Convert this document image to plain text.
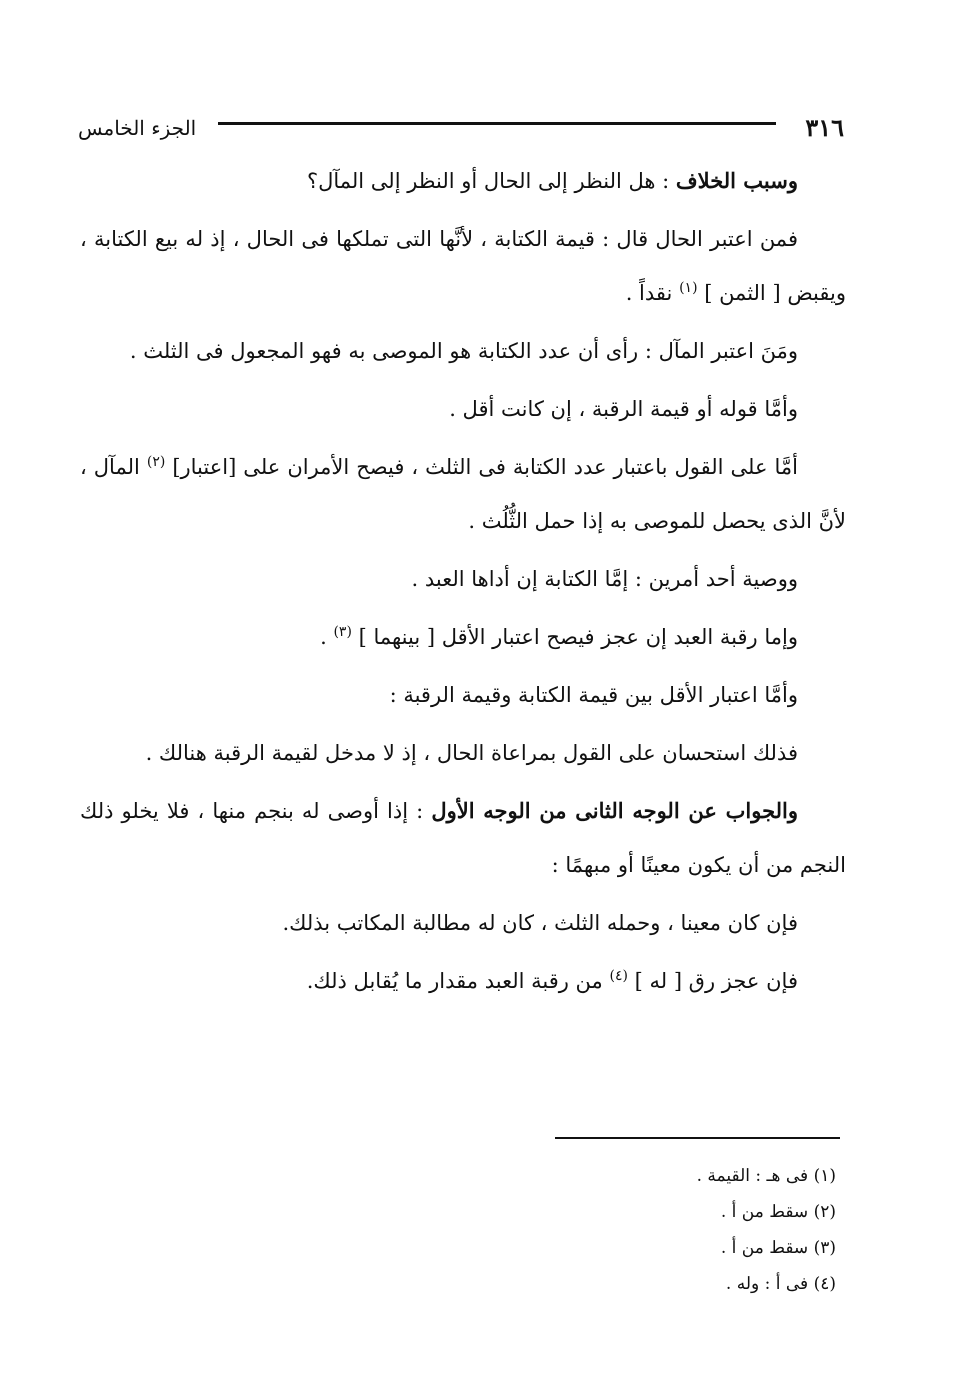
٣١٦
الجزء الخامس

وسبب الخلاف : هل النظر إلى الحال أو النظر إلى المآل؟

فمن اعتبر الحال قال : قيمة الكتابة ، لأنَّها التى تملكها فى الحال ، إذ له بيع الكتابة ، ويقبض [ الثمن ] $^{(١)}$ نقداً .

ومَنَ اعتبر المآل : رأى أن عدد الكتابة هو الموصى به فهو المجعول فى الثلث .

وأمَّا قوله أو قيمة الرقبة ، إن كانت أقل .

أمَّا على القول باعتبار عدد الكتابة فى الثلث ، فيصح الأمران على [اعتبار] $^{(٢)}$ المآل ، لأنَّ الذى يحصل للموصى به إذا حمل الثُّلُث .

ووصية أحد أمرين : إمَّا الكتابة إن أداها العبد .

وإما رقبة العبد إن عجز فيصح اعتبار الأقل [ بينهما ] $^{(٣)}$ .

وأمَّا اعتبار الأقل بين قيمة الكتابة وقيمة الرقبة :

فذلك استحسان على القول بمراعاة الحال ، إذ لا مدخل لقيمة الرقبة هنالك .

والجواب عن الوجه الثانى من الوجه الأول : إذا أوصى له بنجم منها ، فلا يخلو ذلك النجم من أن يكون معينًا أو مبهمًا :

فإن كان معينا ، وحمله الثلث ، كان له مطالبة المكاتب بذلك.

فإن عجز رق [ له ] $^{(٤)}$ من رقبة العبد مقدار ما يُقابل ذلك.

(١) فى هـ : القيمة .

(٢) سقط من أ .

(٣) سقط من أ .

(٤) فى أ : وله .
